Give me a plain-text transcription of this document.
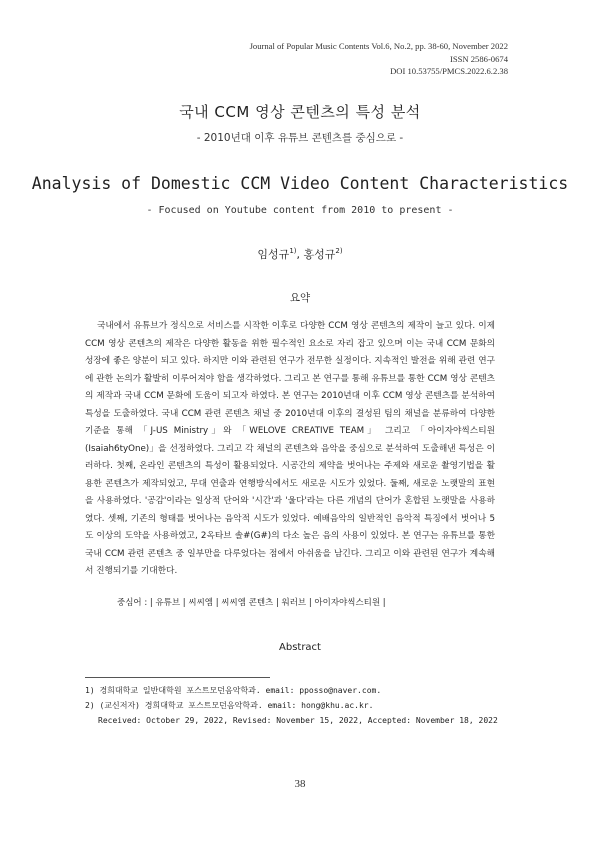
Journal of Popular Music Contents Vol.6, No.2, pp. 38-60, November 2022
ISSN 2586-0674
DOI 10.53755/PMCS.2022.6.2.38
국내 CCM 영상 콘텐츠의 특성 분석
- 2010년대 이후 유튜브 콘텐츠를 중심으로 -
Analysis of Domestic CCM Video Content Characteristics
- Focused on Youtube content from 2010 to present -
임성규$^{1)}$, 홍성규$^{2)}$
요약

국내에서 유튜브가 정식으로 서비스를 시작한 이후로 다양한 CCM 영상 콘텐츠의 제작이 늘고 있다. 이제 CCM 영상 콘텐츠의 제작은 다양한 활동을 위한 필수적인 요소로 자리 잡고 있으며 이는 국내 CCM 문화의 성장에 좋은 양분이 되고 있다. 하지만 이와 관련된 연구가 전무한 실정이다. 지속적인 발전을 위해 관련 연구에 관한 논의가 활발히 이루어져야 함을 생각하였다. 그리고 본 연구를 통해 유튜브를 통한 CCM 영상 콘텐츠의 제작과 국내 CCM 문화에 도움이 되고자 하였다. 본 연구는 2010년대 이후 CCM 영상 콘텐츠를 분석하여 특성을 도출하였다. 국내 CCM 관련 콘텐츠 채널 중 2010년대 이후의 결성된 팀의 채널을 분류하여 다양한 기준을 통해 「J-US Ministry」와 「WELOVE CREATIVE TEAM」 그리고 「아이자야씩스티원(Isaiah6tyOne)」을 선정하였다. 그리고 각 채널의 콘텐츠와 음악을 중심으로 분석하여 도출해낸 특성은 이러하다. 첫째, 온라인 콘텐츠의 특성이 활용되었다. 시공간의 제약을 벗어나는 주제와 새로운 촬영기법을 활용한 콘텐츠가 제작되었고, 무대 연출과 연행방식에서도 새로운 시도가 있었다. 둘째, 새로운 노랫말의 표현을 사용하였다. '공감'이라는 일상적 단어와 '시간'과 '울다'라는 다른 개념의 단어가 혼합된 노랫말을 사용하였다. 셋째, 기존의 형태를 벗어나는 음악적 시도가 있었다. 예배음악의 일반적인 음악적 특징에서 벗어나 5도 이상의 도약을 사용하였고, 2옥타브 솔#(G#)의 다소 높은 음의 사용이 있었다. 본 연구는 유튜브를 통한 국내 CCM 관련 콘텐츠 중 일부만을 다루었다는 점에서 아쉬움을 남긴다. 그리고 이와 관련된 연구가 계속해서 진행되기를 기대한다.

중심어 : | 유튜브 | 씨씨엠 | 씨씨엠 콘텐츠 | 워러브 | 아이자야씩스티원 |
Abstract
1) 경희대학교 일반대학원 포스트모던음악학과. email: pposso@naver.com.
2) (교신저자) 경희대학교 포스트모던음악학과. email: hong@khu.ac.kr.
Received: October 29, 2022, Revised: November 15, 2022, Accepted: November 18, 2022
38
